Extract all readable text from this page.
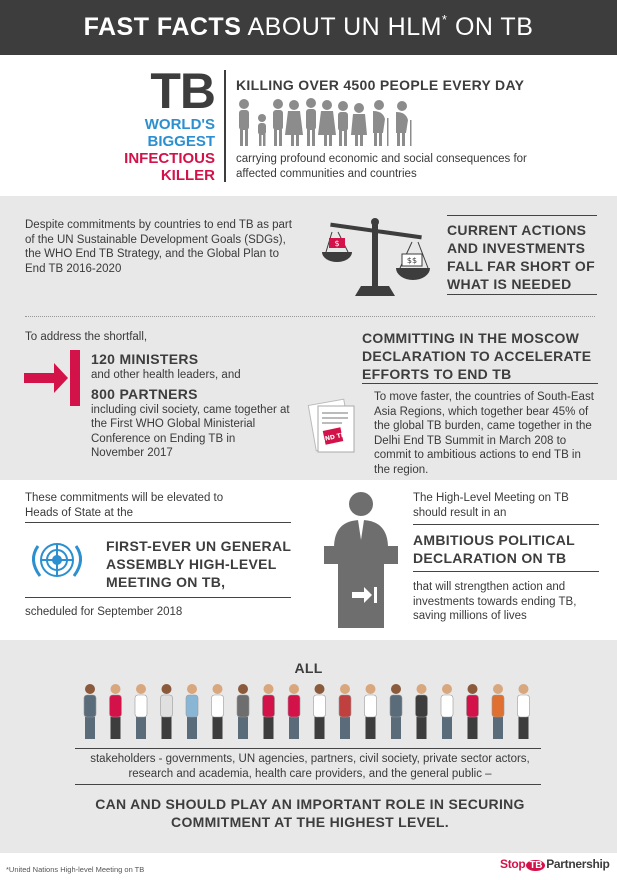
FAST FACTS ABOUT UN HLM* ON TB
TB
WORLD'S
BIGGEST
INFECTIOUS
KILLER
KILLING OVER 4500 PEOPLE EVERY DAY
carrying profound economic and social consequences for affected communities and countries
Despite commitments by countries to end TB as part of the UN Sustainable Development Goals (SDGs), the WHO End TB Strategy, and the Global Plan to End TB 2016-2020
$
$$
CURRENT ACTIONS AND INVESTMENTS FALL FAR SHORT OF WHAT IS NEEDED
To address the shortfall,
120 MINISTERS
and other health leaders, and
800 PARTNERS
including civil society, came together at the First WHO Global Ministerial Conference on Ending TB in November 2017
COMMITTING IN THE MOSCOW DECLARATION TO ACCELERATE EFFORTS TO END TB
END TB
To move faster, the countries of South-East Asia Regions, which together bear 45% of the global TB burden, came together in the Delhi End TB Summit in March 208 to commit to ambitious actions to end TB in the region.
These commitments will be elevated to Heads of State at the
FIRST-EVER UN GENERAL ASSEMBLY HIGH-LEVEL MEETING ON TB,
scheduled for September 2018
The High-Level Meeting on TB should result in an
AMBITIOUS POLITICAL DECLARATION ON TB
that will strengthen action and investments towards ending TB, saving millions of lives
ALL
stakeholders - governments, UN agencies, partners, civil society, private sector actors, research and academia, health care providers, and the general public –
CAN AND SHOULD PLAY AN IMPORTANT ROLE IN SECURING COMMITMENT AT THE HIGHEST LEVEL.
*United Nations High-level Meeting on TB	Stop TB Partnership
